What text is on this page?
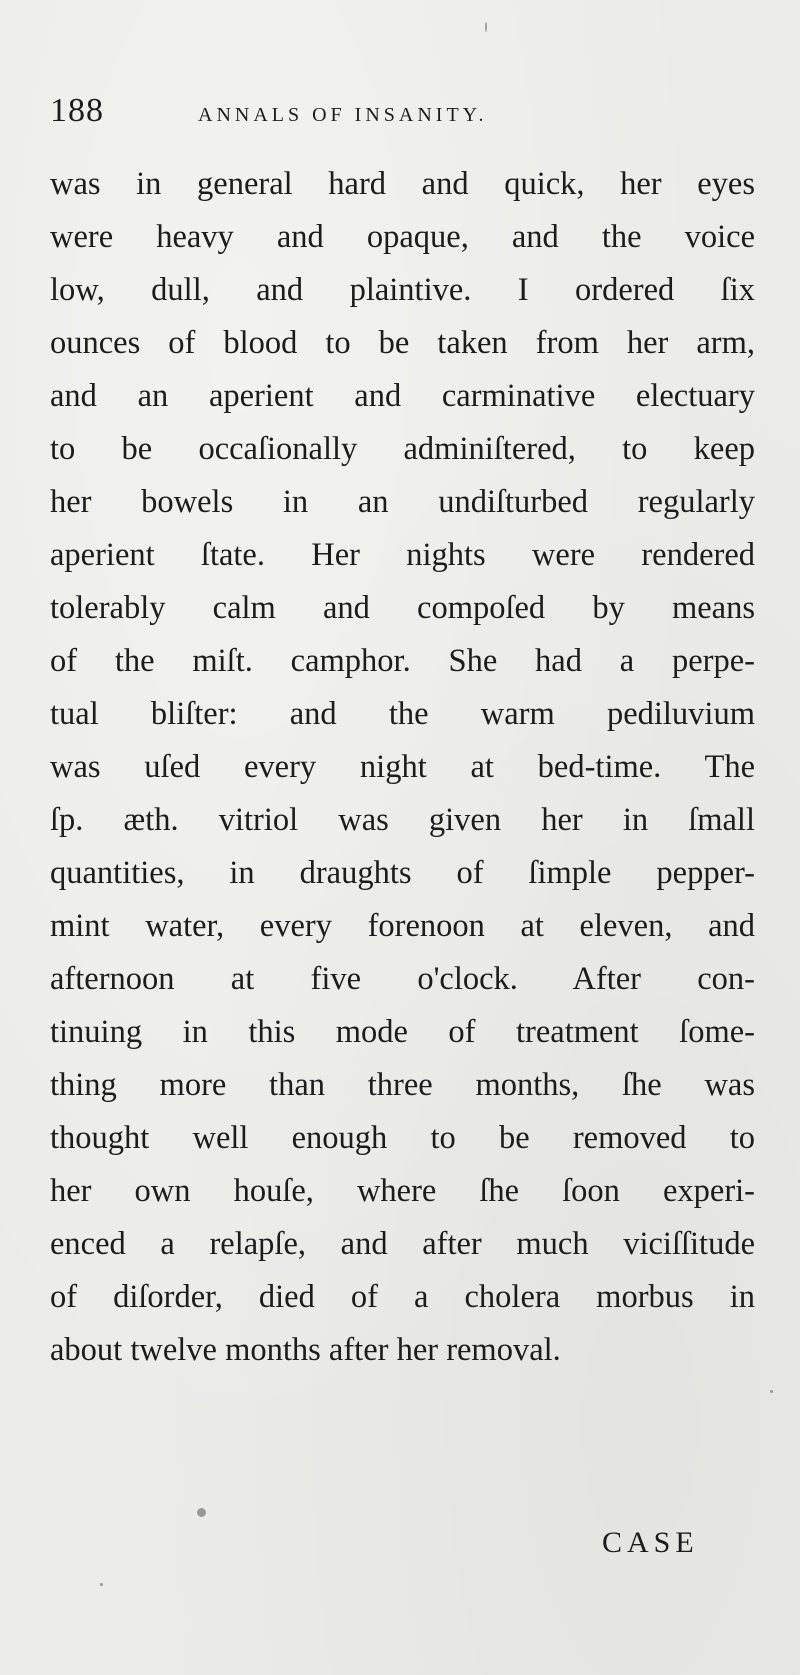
188	ANNALS OF INSANITY.
was in general hard and quick, her eyes
were heavy and opaque, and the voice
low, dull, and plaintive. I ordered ſix
ounces of blood to be taken from her arm,
and an aperient and carminative electuary
to be occaſionally adminiſtered, to keep
her bowels in an undiſturbed regularly
aperient ſtate. Her nights were rendered
tolerably calm and compoſed by means
of the miſt. camphor. She had a perpe-
tual bliſter: and the warm pediluvium
was uſed every night at bed-time. The
ſp. æth. vitriol was given her in ſmall
quantities, in draughts of ſimple pepper-
mint water, every forenoon at eleven, and
afternoon at five o'clock. After con-
tinuing in this mode of treatment ſome-
thing more than three months, ſhe was
thought well enough to be removed to
her own houſe, where ſhe ſoon experi-
enced a relapſe, and after much viciſſitude
of diſorder, died of a cholera morbus in
about twelve months after her removal.
CASE
